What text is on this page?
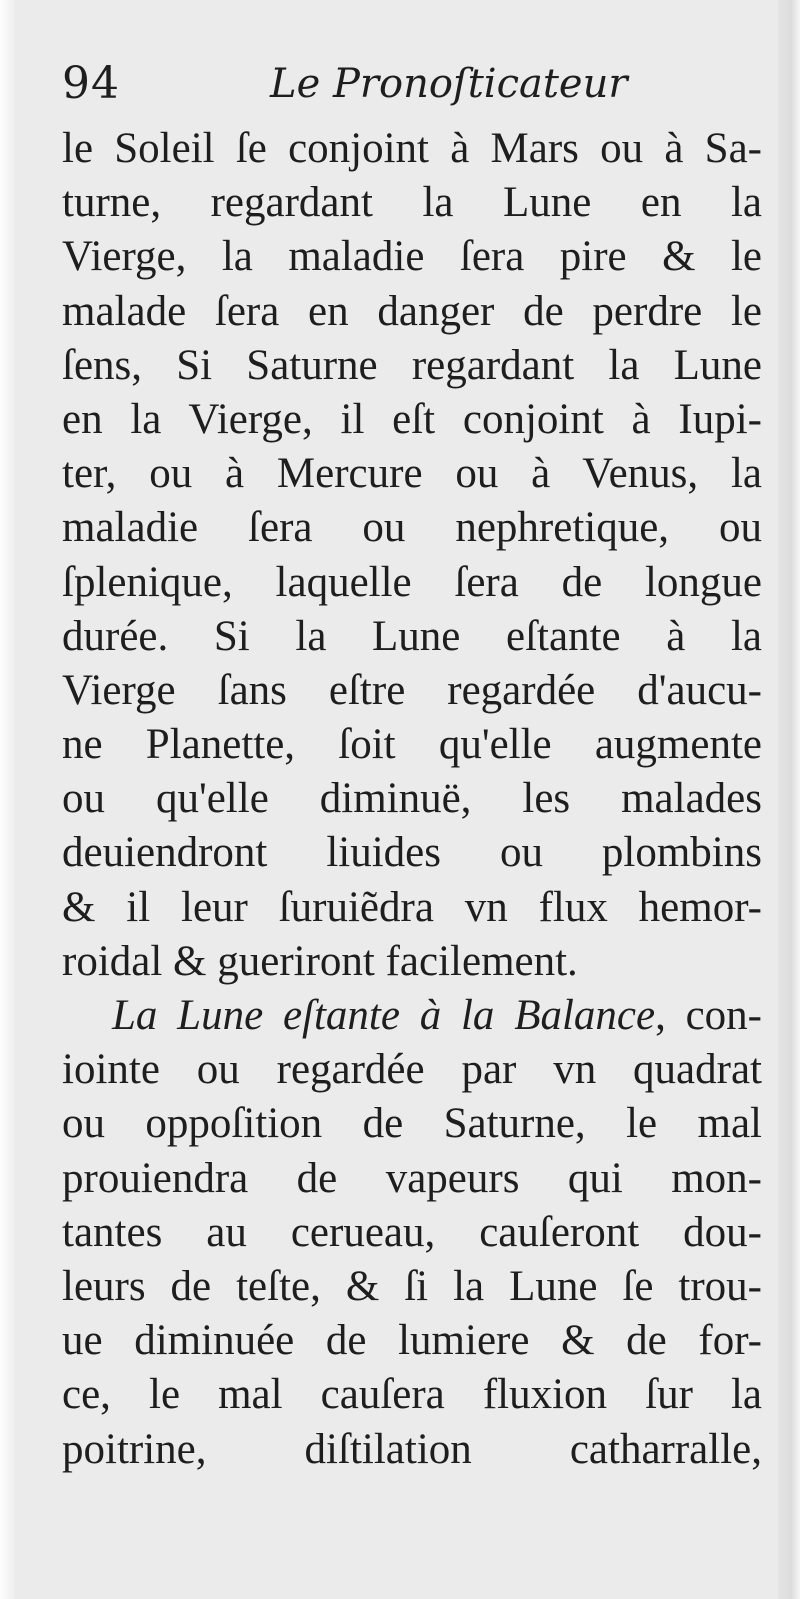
94	Le Pronoſticateur
le Soleil ſe conjoint à Mars ou à Sa-
turne, regardant la Lune en la
Vierge, la maladie ſera pire & le
malade ſera en danger de perdre le
ſens, Si Saturne regardant la Lune
en la Vierge, il eſt conjoint à Iupi-
ter, ou à Mercure ou à Venus, la
maladie ſera ou nephretique, ou
ſplenique, laquelle ſera de longue
durée. Si la Lune eſtante à la
Vierge ſans eſtre regardée d'aucu-
ne Planette, ſoit qu'elle augmente
ou qu'elle diminuë, les malades
deuiendront liuides ou plombins
& il leur ſuruiẽdra vn flux hemor-
roidal & gueriront facilement.
La Lune eſtante à la Balance, con-
iointe ou regardée par vn quadrat
ou oppoſition de Saturne, le mal
prouiendra de vapeurs qui mon-
tantes au cerueau, cauſeront dou-
leurs de teſte, & ſi la Lune ſe trou-
ue diminuée de lumiere & de for-
ce, le mal cauſera fluxion ſur la
poitrine, diſtilation catharralle,
